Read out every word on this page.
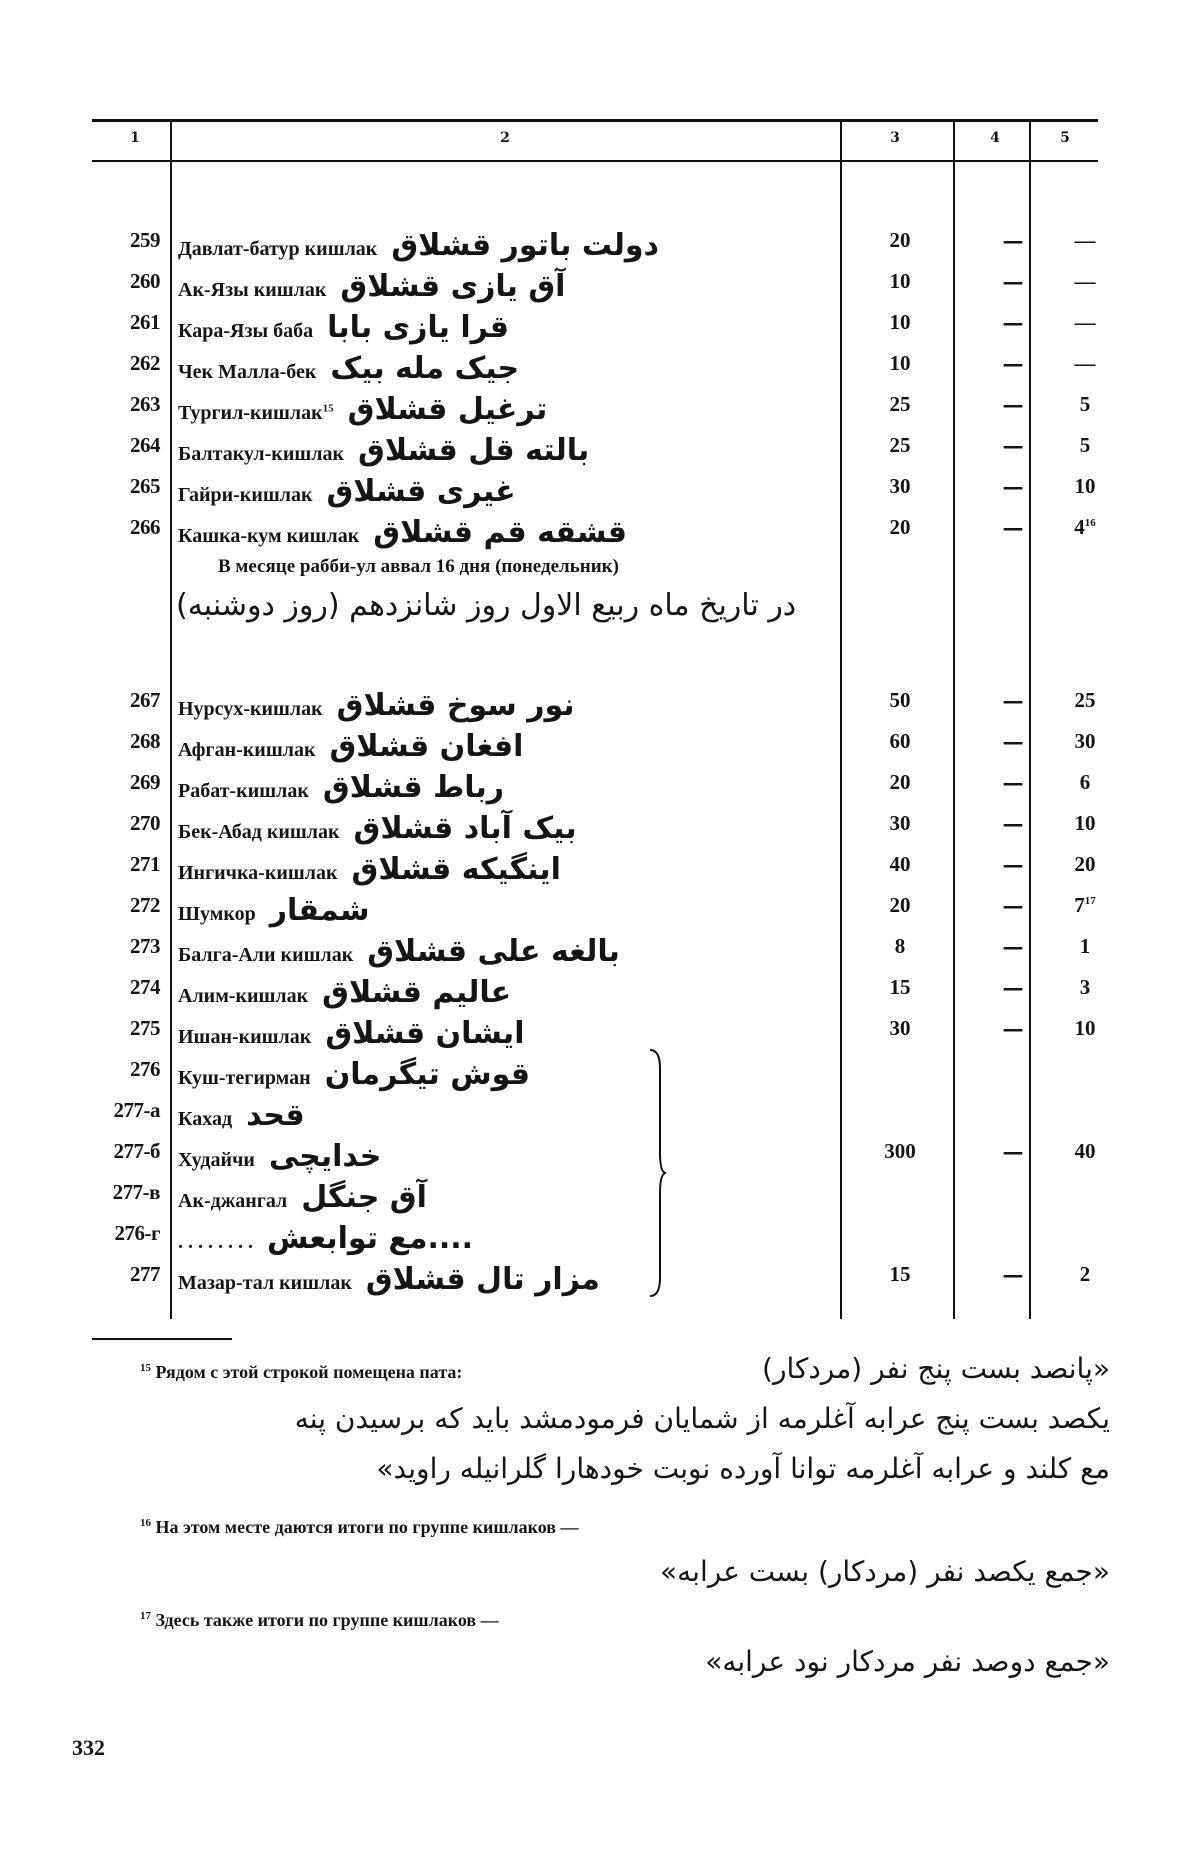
1	2	3	4	5
259 Давлат-батур кишлак دولت باتور قشلاق	20	—	—
260 Ак-Язы кишлак آق یازی قشلاق	10	—	—
261 Кара-Язы баба قرا یازی بابا	10	—	—
262 Чек Малла-бек جیک مله بیک	10	—	—
263 Тургил-кишлак$^{15}$ ترغیل قشلاق	25	—	5
264 Балтакул-кишлак بالته قل قشلاق	25	—	5
265 Гайри-кишлак غیری قشلاق	30	—	10
266 Кашка-кум кишлак قشقه قم قشلاق	20	—	$4^{16}$
В месяце рабби-ул аввал 16 дня (понедельник)
در تاریخ ماه ربیع الاول روز شانزدهم (روز دوشنبه)
267 Нурсух-кишлак نور سوخ قشلاق	50	—	25
268 Афган-кишлак افغان قشلاق	60	—	30
269 Рабат-кишлак رباط قشلاق	20	—	6
270 Бек-Абад кишлак بیک آباد قشلاق	30	—	10
271 Ингичка-кишлак اینگیکه قشلاق	40	—	20
272 Шумкор شمقار	20	—	$7^{17}$
273 Балга-Али кишлак بالغه علی قشلاق	8	—	1
274 Алим-кишлак عالیم قشلاق	15	—	3
275 Ишан-кишлак ایشان قشلاق	30	—	10
276 Куш-тегирман قوش تیگرمان
277-а Кахад قحد
277-б Худайчи خدایچی	300	—	40
277-в Ак-джангал آق جنگل
276-г . . . . . . . . ....مع توابعش
277 Мазар-тал кишлак مزار تال قشلاق	15	—	2
$^{15}$ Рядом с этой строкой помещена пата:	«پانصد بست پنج نفر (مردکار)
یکصد بست پنج عرابه آغلرمه از شمایان فرمودمشد باید که برسیدن پنه
مع کلند و عرابه آغلرمه توانا آورده نوبت خودهارا گلرانیله راوید»
$^{16}$ На этом месте даются итоги по группе кишлаков —
«جمع یکصد نفر (مردکار) بست عرابه»
$^{17}$ Здесь также итоги по группе кишлаков —
«جمع دوصد نفر مردکار نود عرابه»
332
